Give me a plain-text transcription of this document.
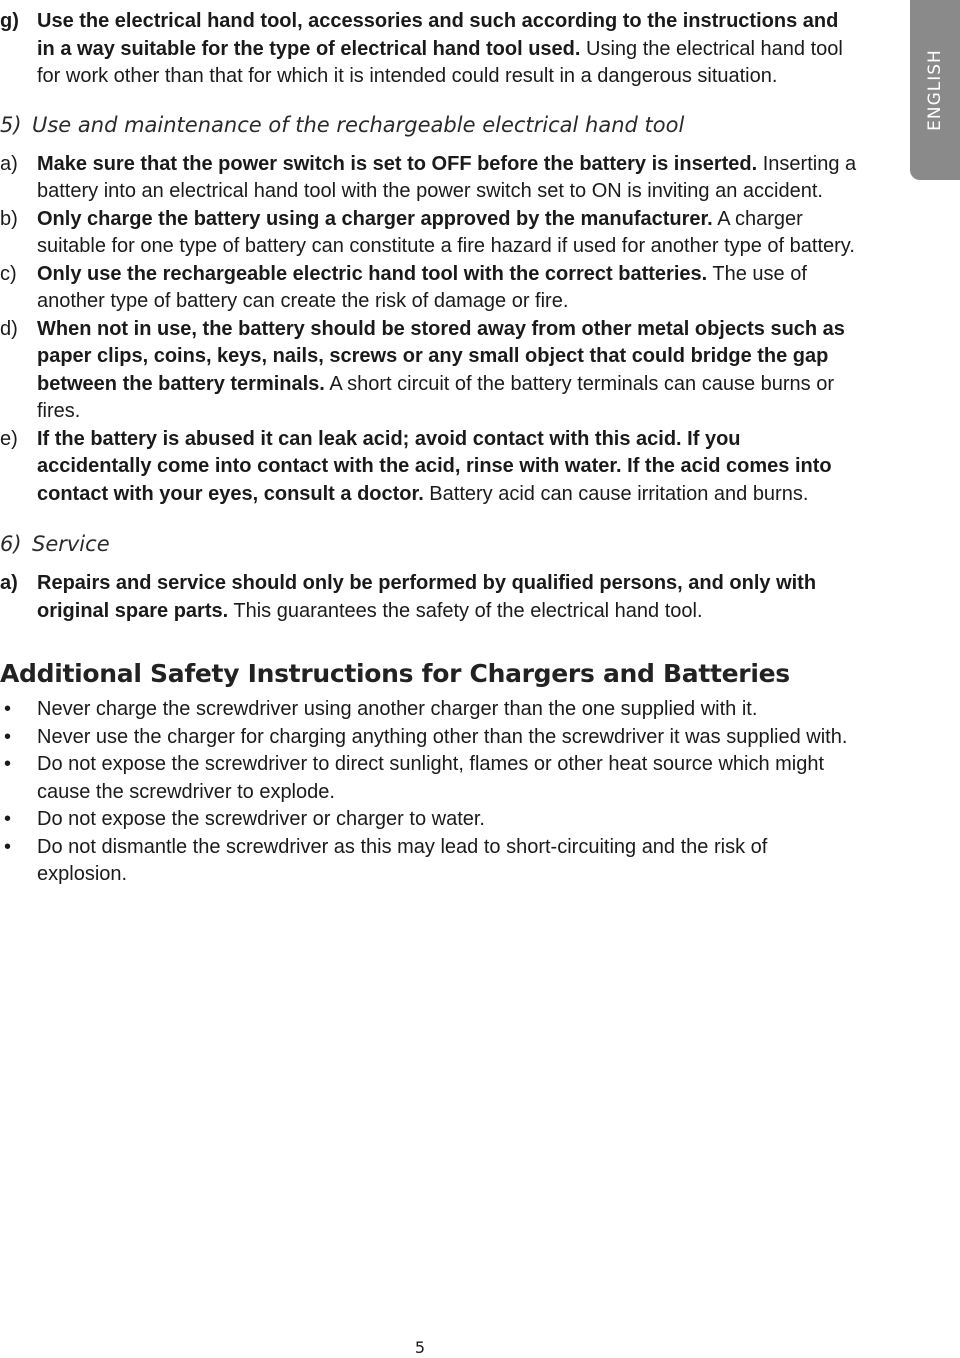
ENGLISH
g) Use the electrical hand tool, accessories and such according to the instructions and in a way suitable for the type of electrical hand tool used. Using the electrical hand tool for work other than that for which it is intended could result in a dangerous situation.
5) Use and maintenance of the rechargeable electrical hand tool
a) Make sure that the power switch is set to OFF before the battery is inserted. Inserting a battery into an electrical hand tool with the power switch set to ON is inviting an accident.
b) Only charge the battery using a charger approved by the manufacturer. A charger suitable for one type of battery can constitute a fire hazard if used for another type of battery.
c) Only use the rechargeable electric hand tool with the correct batteries. The use of another type of battery can create the risk of damage or fire.
d) When not in use, the battery should be stored away from other metal objects such as paper clips, coins, keys, nails, screws or any small object that could bridge the gap between the battery terminals. A short circuit of the battery terminals can cause burns or fires.
e) If the battery is abused it can leak acid; avoid contact with this acid. If you accidentally come into contact with the acid, rinse with water. If the acid comes into contact with your eyes, consult a doctor. Battery acid can cause irritation and burns.
6) Service
a) Repairs and service should only be performed by qualified persons, and only with original spare parts. This guarantees the safety of the electrical hand tool.
Additional Safety Instructions for Chargers and Batteries
• Never charge the screwdriver using another charger than the one supplied with it.
• Never use the charger for charging anything other than the screwdriver it was supplied with.
• Do not expose the screwdriver to direct sunlight, flames or other heat source which might cause the screwdriver to explode.
• Do not expose the screwdriver or charger to water.
• Do not dismantle the screwdriver as this may lead to short-circuiting and the risk of explosion.
5
